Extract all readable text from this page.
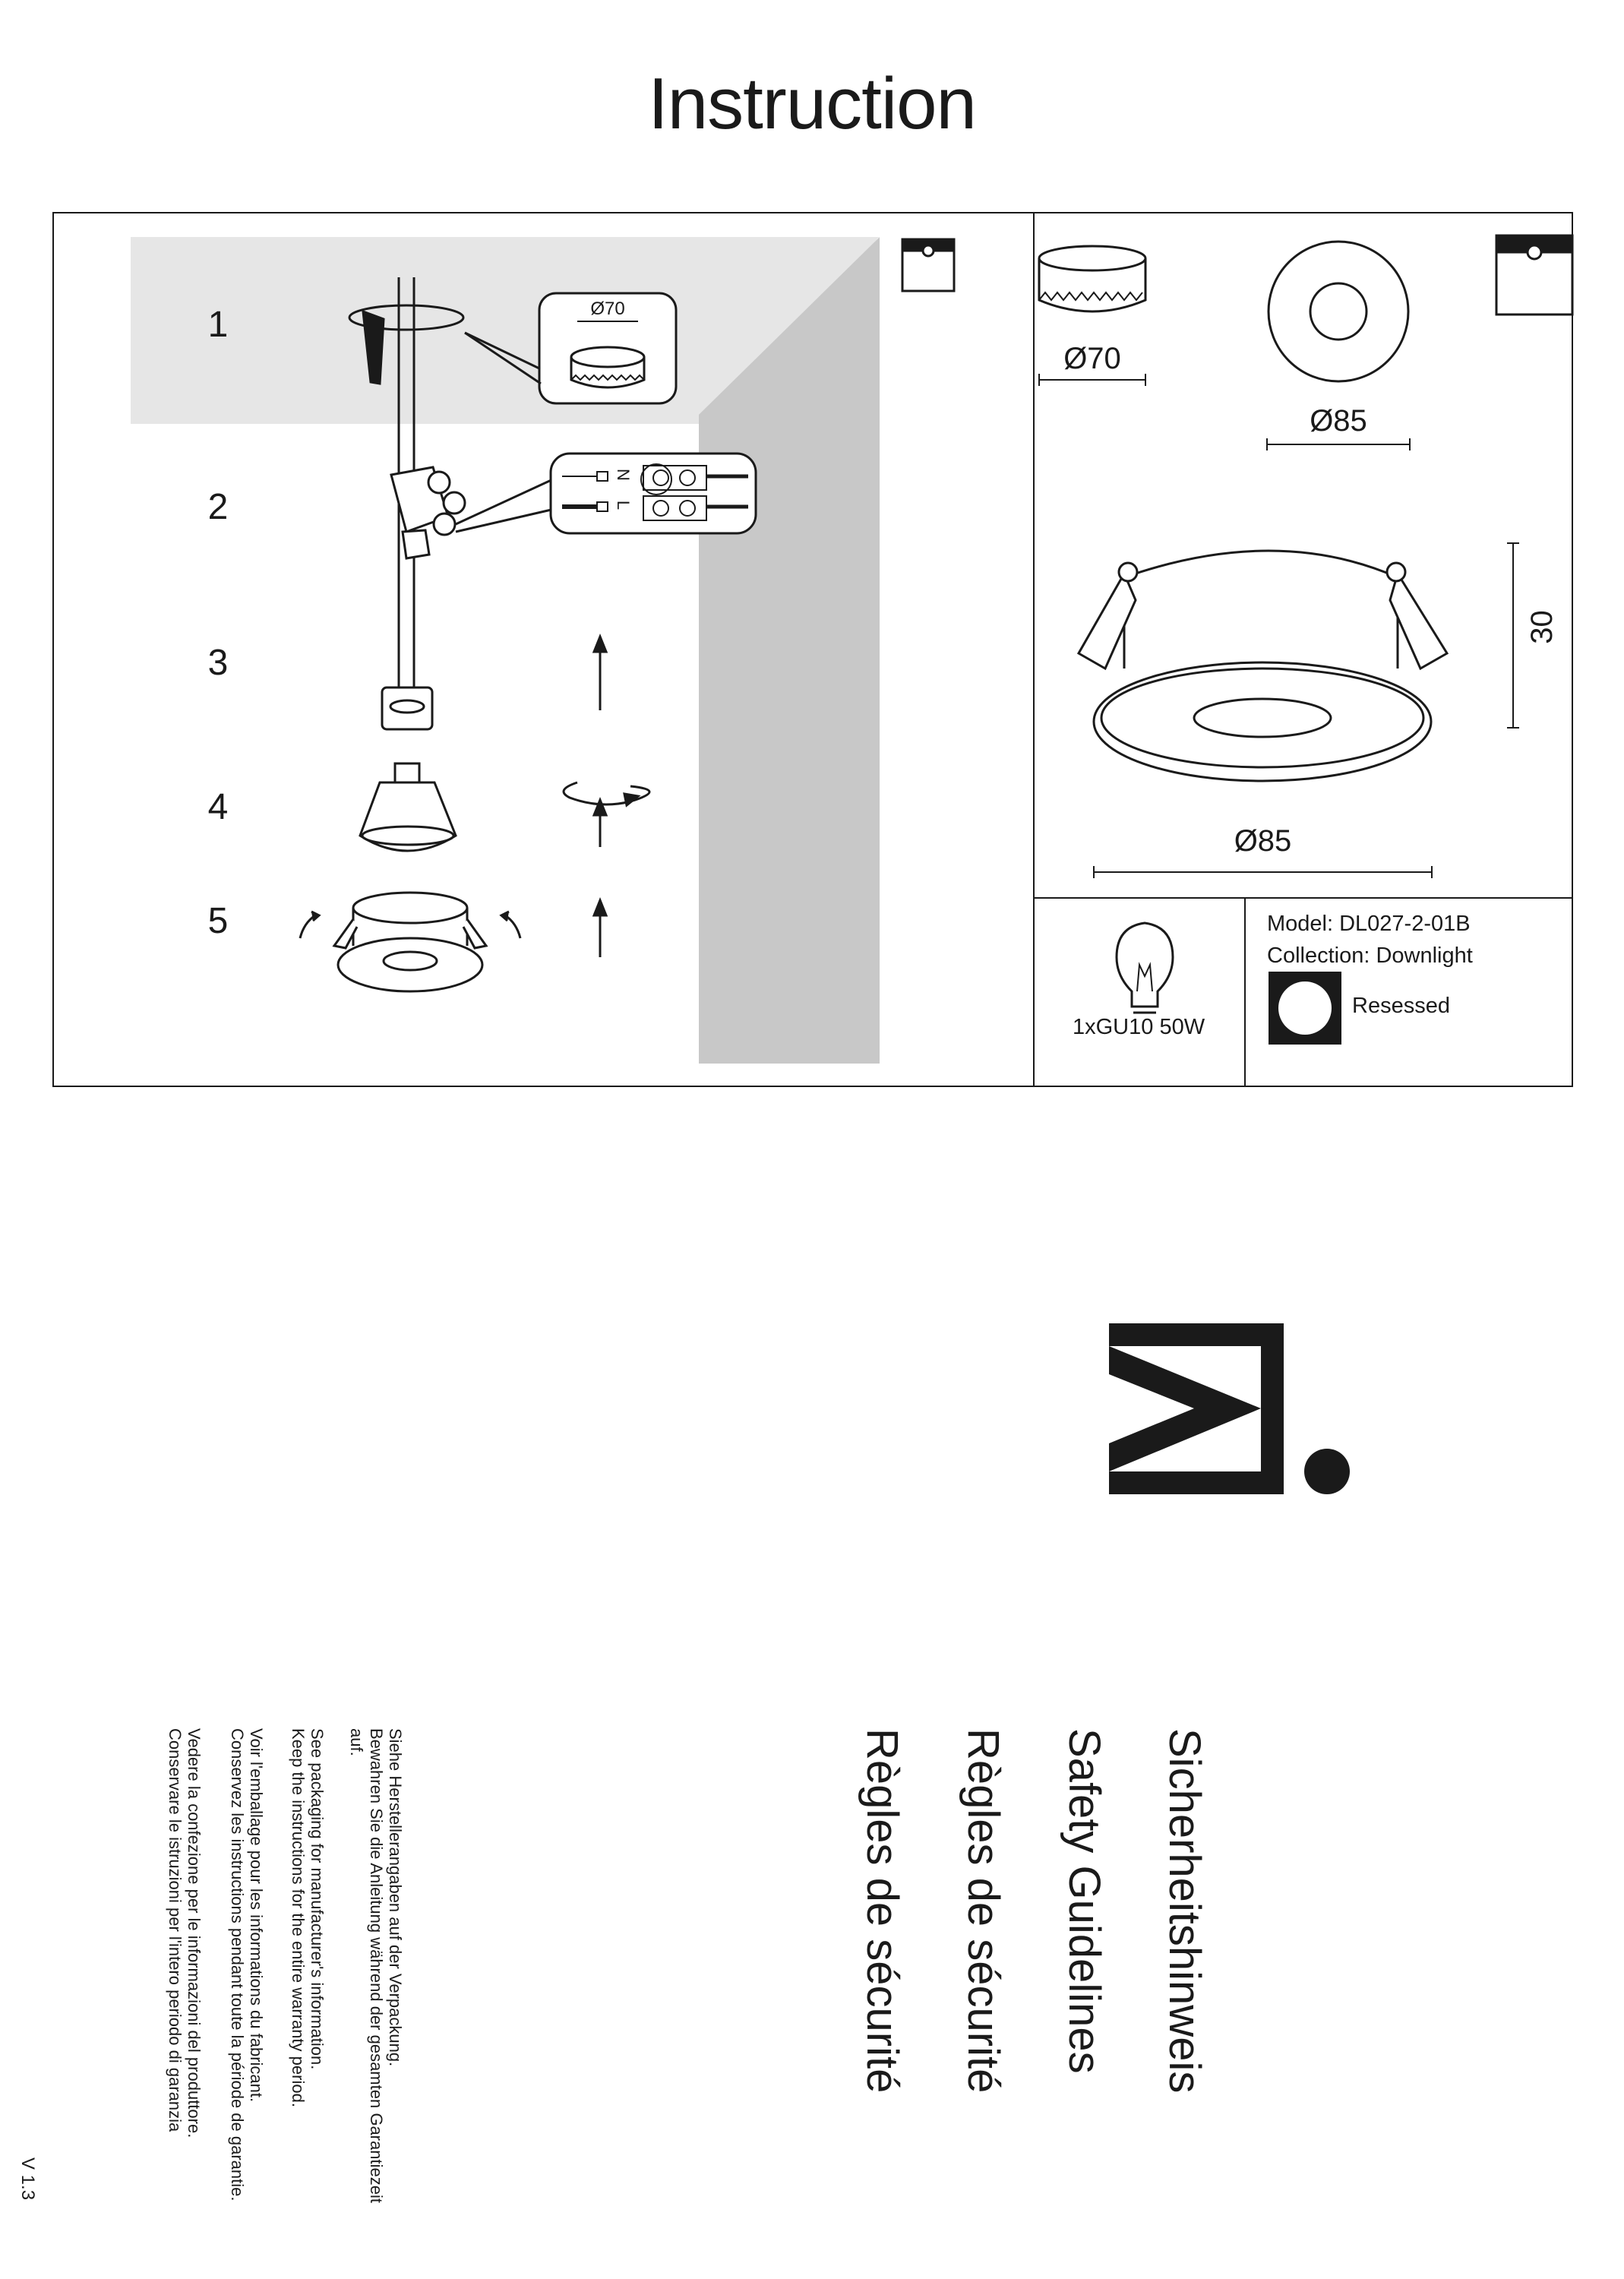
Instruction
1
2
3
4
5
Ø70
Ø85
Ø85
30
Ø70
N
L
1xGU10 50W
Model: DL027-2-01B
Collection: Downlight
Resessed
Sicherheitshinweis
Safety Guidelines
Règles de sécurité
Règles de sécurité
Siehe Herstellerangaben auf der Verpackung.
Bewahren Sie die Anleitung während der gesamten Garantiezeit
auf.
See packaging for manufacturer's information.
Keep the instructions for the entire warranty period.
Voir l'emballage pour les informations du fabricant.
Conservez les instructions pendant toute la période de garantie.
Vedere la confezione per le informazioni del produttore.
Conservare le istruzioni per l'intero periodo di garanzia
V 1.3
